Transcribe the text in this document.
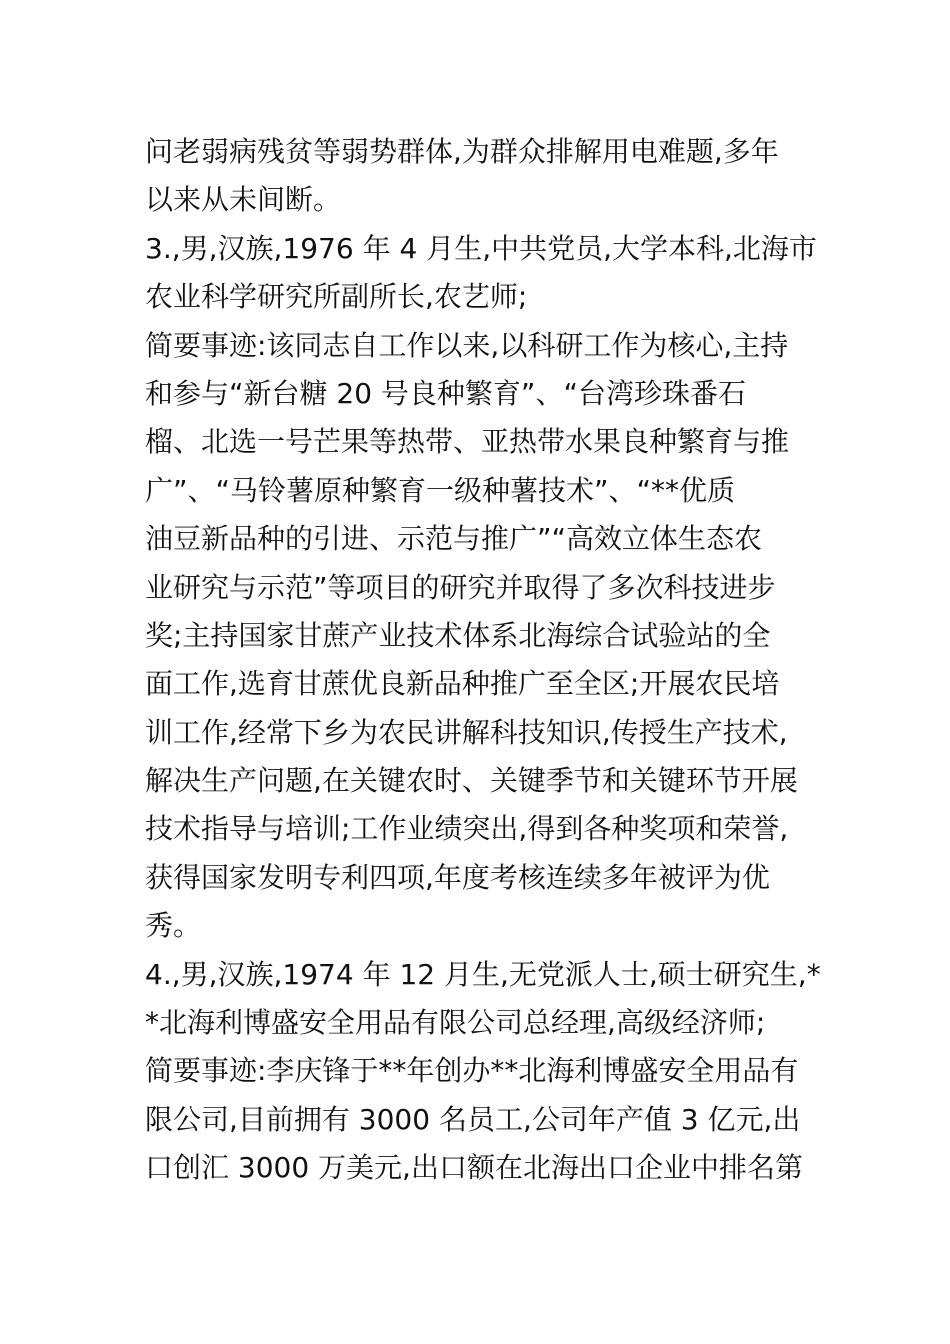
问老弱病残贫等弱势群体,为群众排解用电难题,多年
以来从未间断。
3.,男,汉族,1976 年 4 月生,中共党员,大学本科,北海市
农业科学研究所副所长,农艺师;
简要事迹:该同志自工作以来,以科研工作为核心,主持
和参与“新台糖 20 号良种繁育”、“台湾珍珠番石
榴、北选一号芒果等热带、亚热带水果良种繁育与推
广”、“马铃薯原种繁育一级种薯技术”、“**优质
油豆新品种的引进、示范与推广”“高效立体生态农
业研究与示范”等项目的研究并取得了多次科技进步
奖;主持国家甘蔗产业技术体系北海综合试验站的全
面工作,选育甘蔗优良新品种推广至全区;开展农民培
训工作,经常下乡为农民讲解科技知识,传授生产技术,
解决生产问题,在关键农时、关键季节和关键环节开展
技术指导与培训;工作业绩突出,得到各种奖项和荣誉,
获得国家发明专利四项,年度考核连续多年被评为优
秀。
4.,男,汉族,1974 年 12 月生,无党派人士,硕士研究生,*
*北海利博盛安全用品有限公司总经理,高级经济师;
简要事迹:李庆锋于**年创办**北海利博盛安全用品有
限公司,目前拥有 3000 名员工,公司年产值 3 亿元,出
口创汇 3000 万美元,出口额在北海出口企业中排名第
